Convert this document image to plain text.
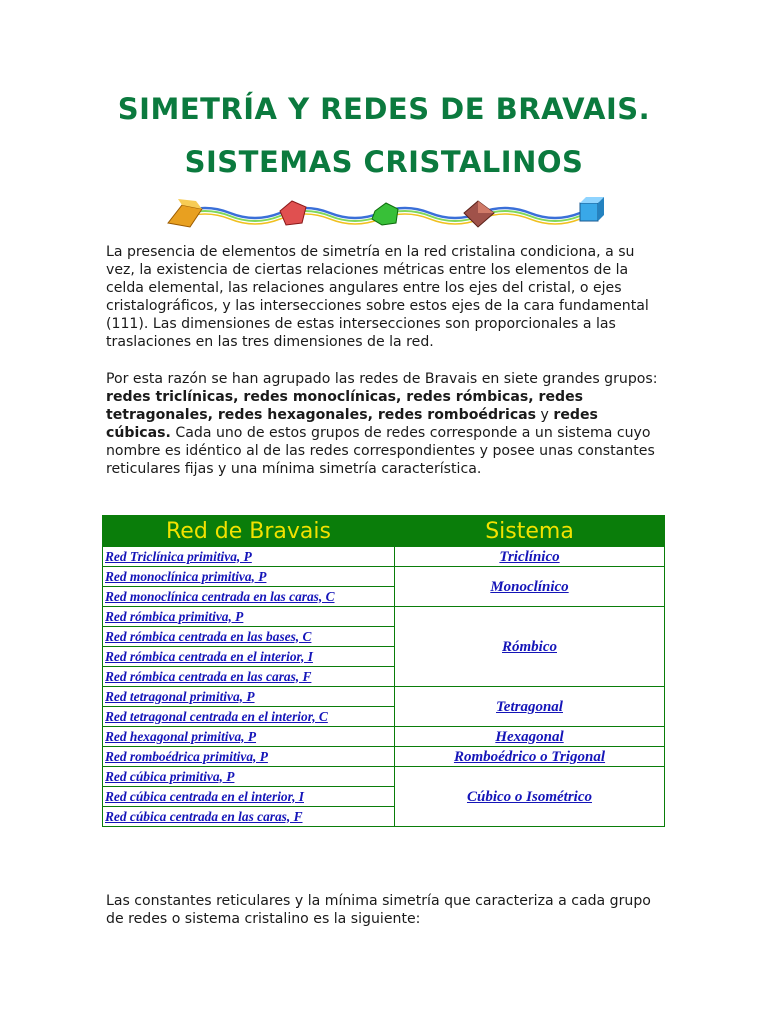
SIMETRÍA Y REDES DE BRAVAIS.
SISTEMAS CRISTALINOS

La presencia de elementos de simetría en la red cristalina condiciona, a su vez, la existencia de ciertas relaciones métricas entre los elementos de la celda elemental, las relaciones angulares entre los ejes del cristal, o ejes cristalográficos, y las intersecciones sobre estos ejes de la cara fundamental (111). Las dimensiones de estas intersecciones son proporcionales a las traslaciones en las tres dimensiones de la red.

Por esta razón se han agrupado las redes de Bravais en siete grandes grupos: redes triclínicas, redes monoclínicas, redes rómbicas, redes tetragonales, redes hexagonales, redes romboédricas y redes cúbicas. Cada uno de estos grupos de redes corresponde a un sistema cuyo nombre es idéntico al de las redes correspondientes y posee unas constantes reticulares fijas y una mínima simetría característica.

Red de Bravais	Sistema
Red Triclínica primitiva, P	Triclínico
Red monoclínica primitiva, P	Monoclínico
Red monoclínica centrada en las caras, C	
Red rómbica primitiva, P	Rómbico
Red rómbica centrada en las bases, C	
Red rómbica centrada en el interior, I	
Red rómbica centrada en las caras, F	
Red tetragonal primitiva, P	Tetragonal
Red tetragonal centrada en el interior, C	
Red hexagonal primitiva, P	Hexagonal
Red romboédrica primitiva, P	Romboédrico o Trigonal
Red cúbica primitiva, P	Cúbico o Isométrico
Red cúbica centrada en el interior, I	
Red cúbica centrada en las caras, F	

Las constantes reticulares y la mínima simetría que caracteriza a cada grupo de redes o sistema cristalino es la siguiente:
